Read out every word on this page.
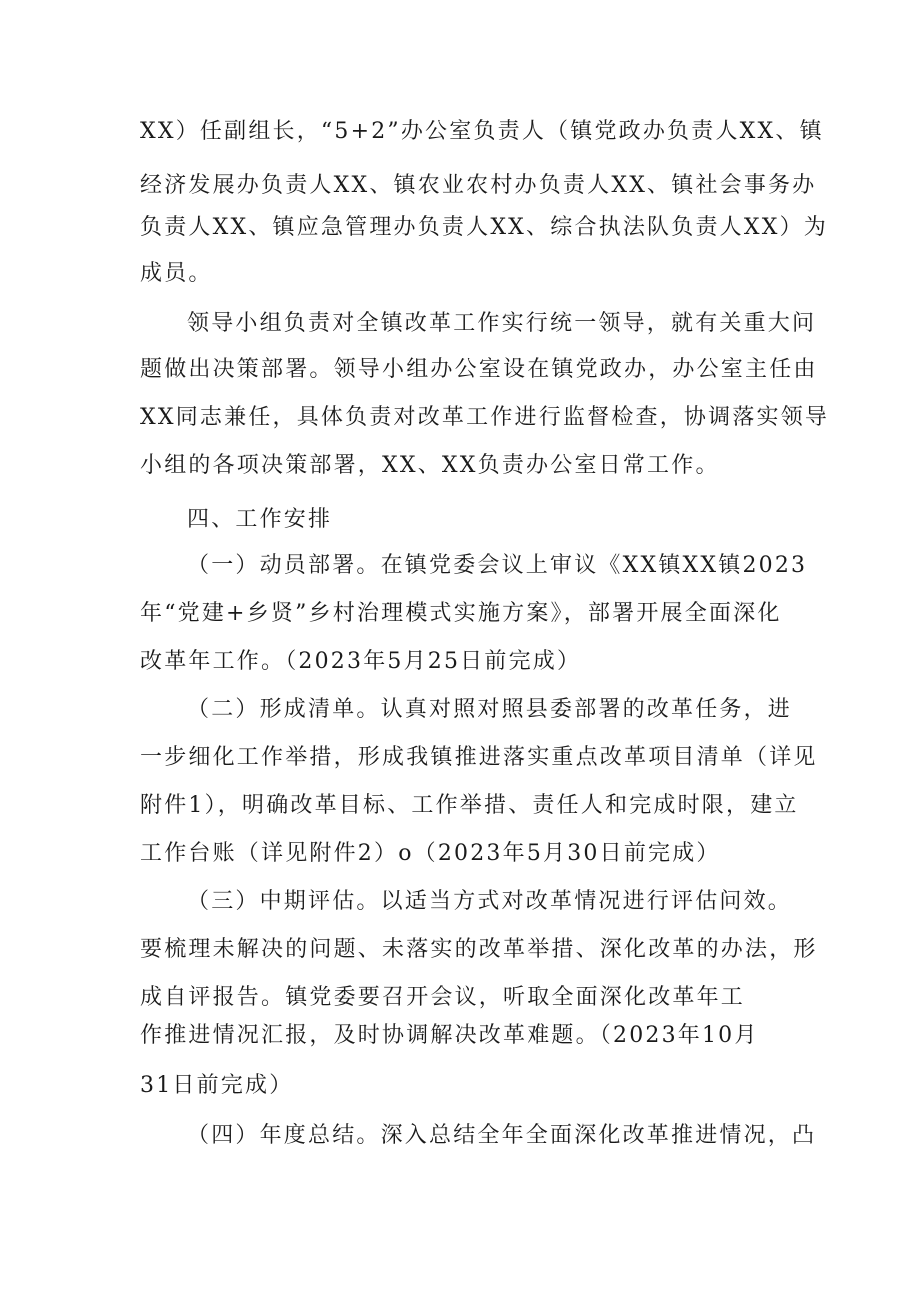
XX）任副组长，“5+2”办公室负责人（镇党政办负责人XX、镇
经济发展办负责人XX、镇农业农村办负责人XX、镇社会事务办
负责人XX、镇应急管理办负责人XX、综合执法队负责人XX）为
成员。
领导小组负责对全镇改革工作实行统一领导，就有关重大问
题做出决策部署。领导小组办公室设在镇党政办，办公室主任由
XX同志兼任，具体负责对改革工作进行监督检查，协调落实领导
小组的各项决策部署，XX、XX负责办公室日常工作。
四、工作安排
（一）动员部署。在镇党委会议上审议《XX镇XX镇2023
年“党建+乡贤”乡村治理模式实施方案》，部署开展全面深化
改革年工作。（2023年5月25日前完成）
（二）形成清单。认真对照对照县委部署的改革任务，进
一步细化工作举措，形成我镇推进落实重点改革项目清单（详见
附件1），明确改革目标、工作举措、责任人和完成时限，建立
工作台账（详见附件2）o（2023年5月30日前完成）
（三）中期评估。以适当方式对改革情况进行评估问效。
要梳理未解决的问题、未落实的改革举措、深化改革的办法，形
成自评报告。镇党委要召开会议，听取全面深化改革年工
作推进情况汇报，及时协调解决改革难题。（2023年10月
31日前完成）
（四）年度总结。深入总结全年全面深化改革推进情况，凸
